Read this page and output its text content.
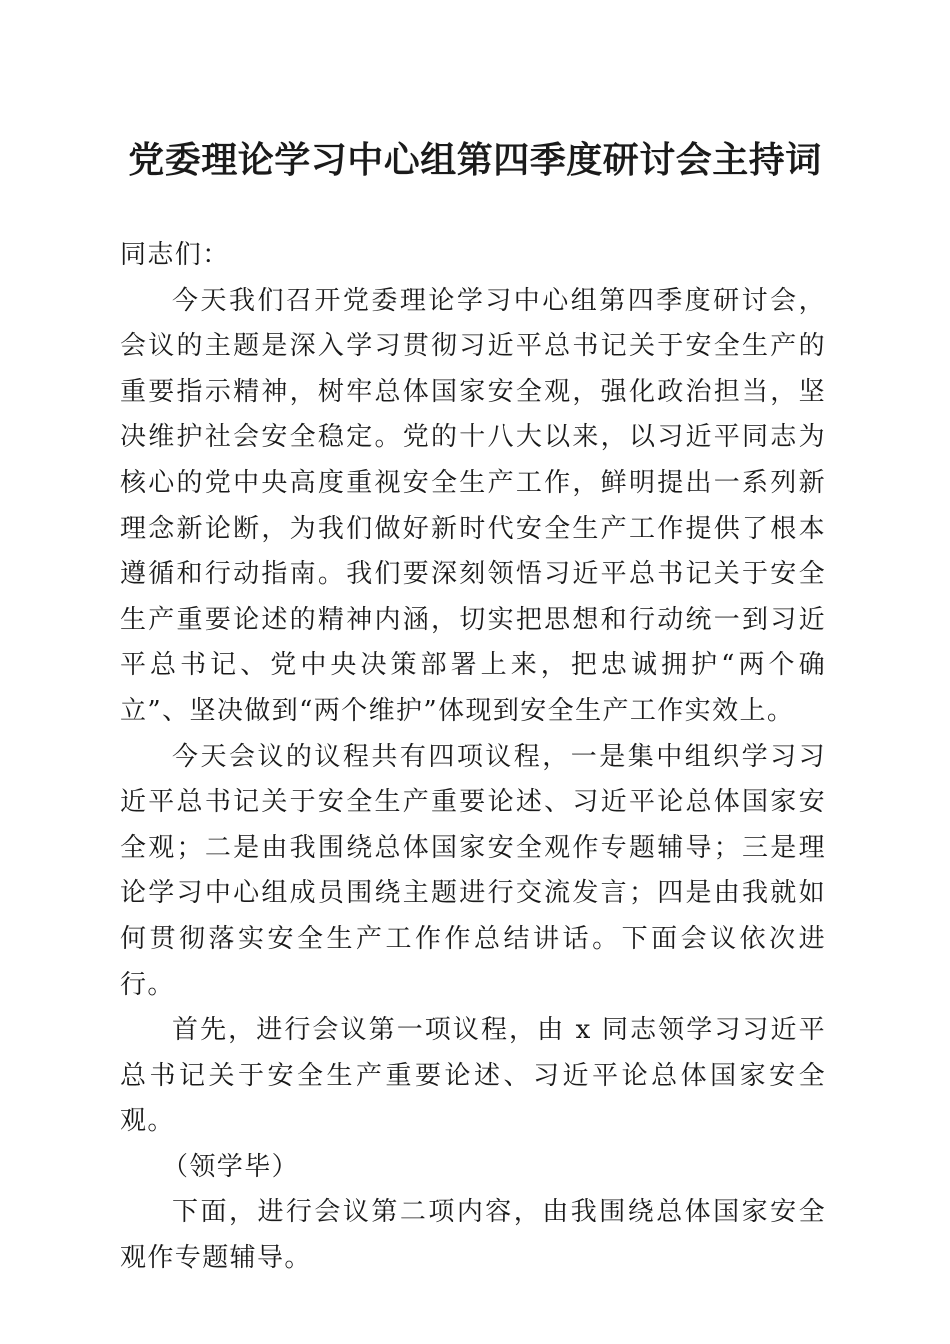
党委理论学习中心组第四季度研讨会主持词

同志们：

今天我们召开党委理论学习中心组第四季度研讨会，会议的主题是深入学习贯彻习近平总书记关于安全生产的重要指示精神，树牢总体国家安全观，强化政治担当，坚决维护社会安全稳定。党的十八大以来，以习近平同志为核心的党中央高度重视安全生产工作，鲜明提出一系列新理念新论断，为我们做好新时代安全生产工作提供了根本遵循和行动指南。我们要深刻领悟习近平总书记关于安全生产重要论述的精神内涵，切实把思想和行动统一到习近平总书记、党中央决策部署上来，把忠诚拥护“两个确立”、坚决做到“两个维护”体现到安全生产工作实效上。

今天会议的议程共有四项议程，一是集中组织学习习近平总书记关于安全生产重要论述、习近平论总体国家安全观；二是由我围绕总体国家安全观作专题辅导；三是理论学习中心组成员围绕主题进行交流发言；四是由我就如何贯彻落实安全生产工作作总结讲话。下面会议依次进行。

首先，进行会议第一项议程，由 x 同志领学习习近平总书记关于安全生产重要论述、习近平论总体国家安全观。

（领学毕）

下面，进行会议第二项内容，由我围绕总体国家安全观作专题辅导。
